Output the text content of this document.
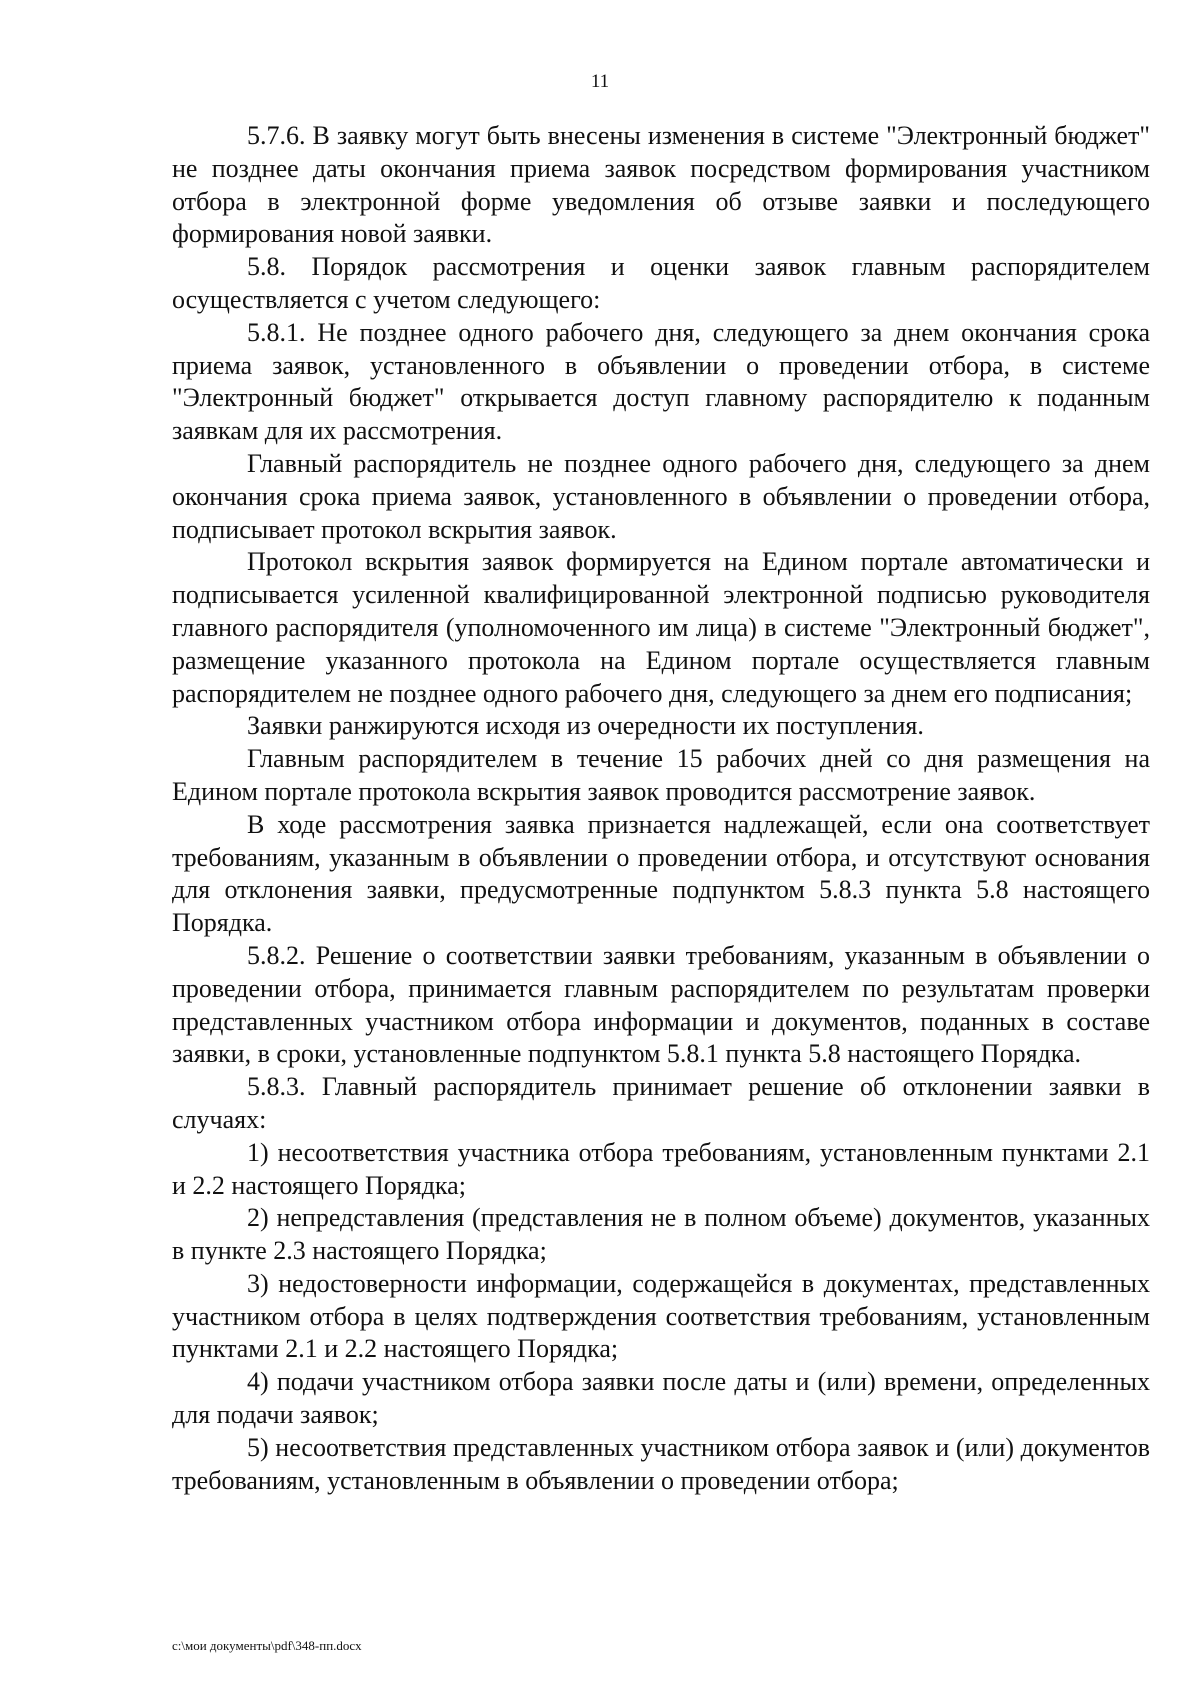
11

5.7.6. В заявку могут быть внесены изменения в системе "Электронный бюджет" не позднее даты окончания приема заявок посредством формирования участником отбора в электронной форме уведомления об отзыве заявки и последующего формирования новой заявки.

5.8. Порядок рассмотрения и оценки заявок главным распорядителем осуществляется с учетом следующего:

5.8.1. Не позднее одного рабочего дня, следующего за днем окончания срока приема заявок, установленного в объявлении о проведении отбора, в системе "Электронный бюджет" открывается доступ главному распорядителю к поданным заявкам для их рассмотрения.

Главный распорядитель не позднее одного рабочего дня, следующего за днем окончания срока приема заявок, установленного в объявлении о проведении отбора, подписывает протокол вскрытия заявок.

Протокол вскрытия заявок формируется на Едином портале автоматически и подписывается усиленной квалифицированной электронной подписью руководителя главного распорядителя (уполномоченного им лица) в системе "Электронный бюджет", размещение указанного протокола на Едином портале осуществляется главным распорядителем не позднее одного рабочего дня, следующего за днем его подписания;

Заявки ранжируются исходя из очередности их поступления.

Главным распорядителем в течение 15 рабочих дней со дня размещения на Едином портале протокола вскрытия заявок проводится рассмотрение заявок.

В ходе рассмотрения заявка признается надлежащей, если она соответствует требованиям, указанным в объявлении о проведении отбора, и отсутствуют основания для отклонения заявки, предусмотренные подпунктом 5.8.3 пункта 5.8 настоящего Порядка.

5.8.2. Решение о соответствии заявки требованиям, указанным в объявлении о проведении отбора, принимается главным распорядителем по результатам проверки представленных участником отбора информации и документов, поданных в составе заявки, в сроки, установленные подпунктом 5.8.1 пункта 5.8 настоящего Порядка.

5.8.3. Главный распорядитель принимает решение об отклонении заявки в случаях:

1) несоответствия участника отбора требованиям, установленным пунктами 2.1 и 2.2 настоящего Порядка;

2) непредставления (представления не в полном объеме) документов, указанных в пункте 2.3 настоящего Порядка;

3) недостоверности информации, содержащейся в документах, представленных участником отбора в целях подтверждения соответствия требованиям, установленным пунктами 2.1 и 2.2 настоящего Порядка;

4) подачи участником отбора заявки после даты и (или) времени, определенных для подачи заявок;

5) несоответствия представленных участником отбора заявок и (или) документов требованиям, установленным в объявлении о проведении отбора;

c:\мои документы\pdf\348-пп.docx
